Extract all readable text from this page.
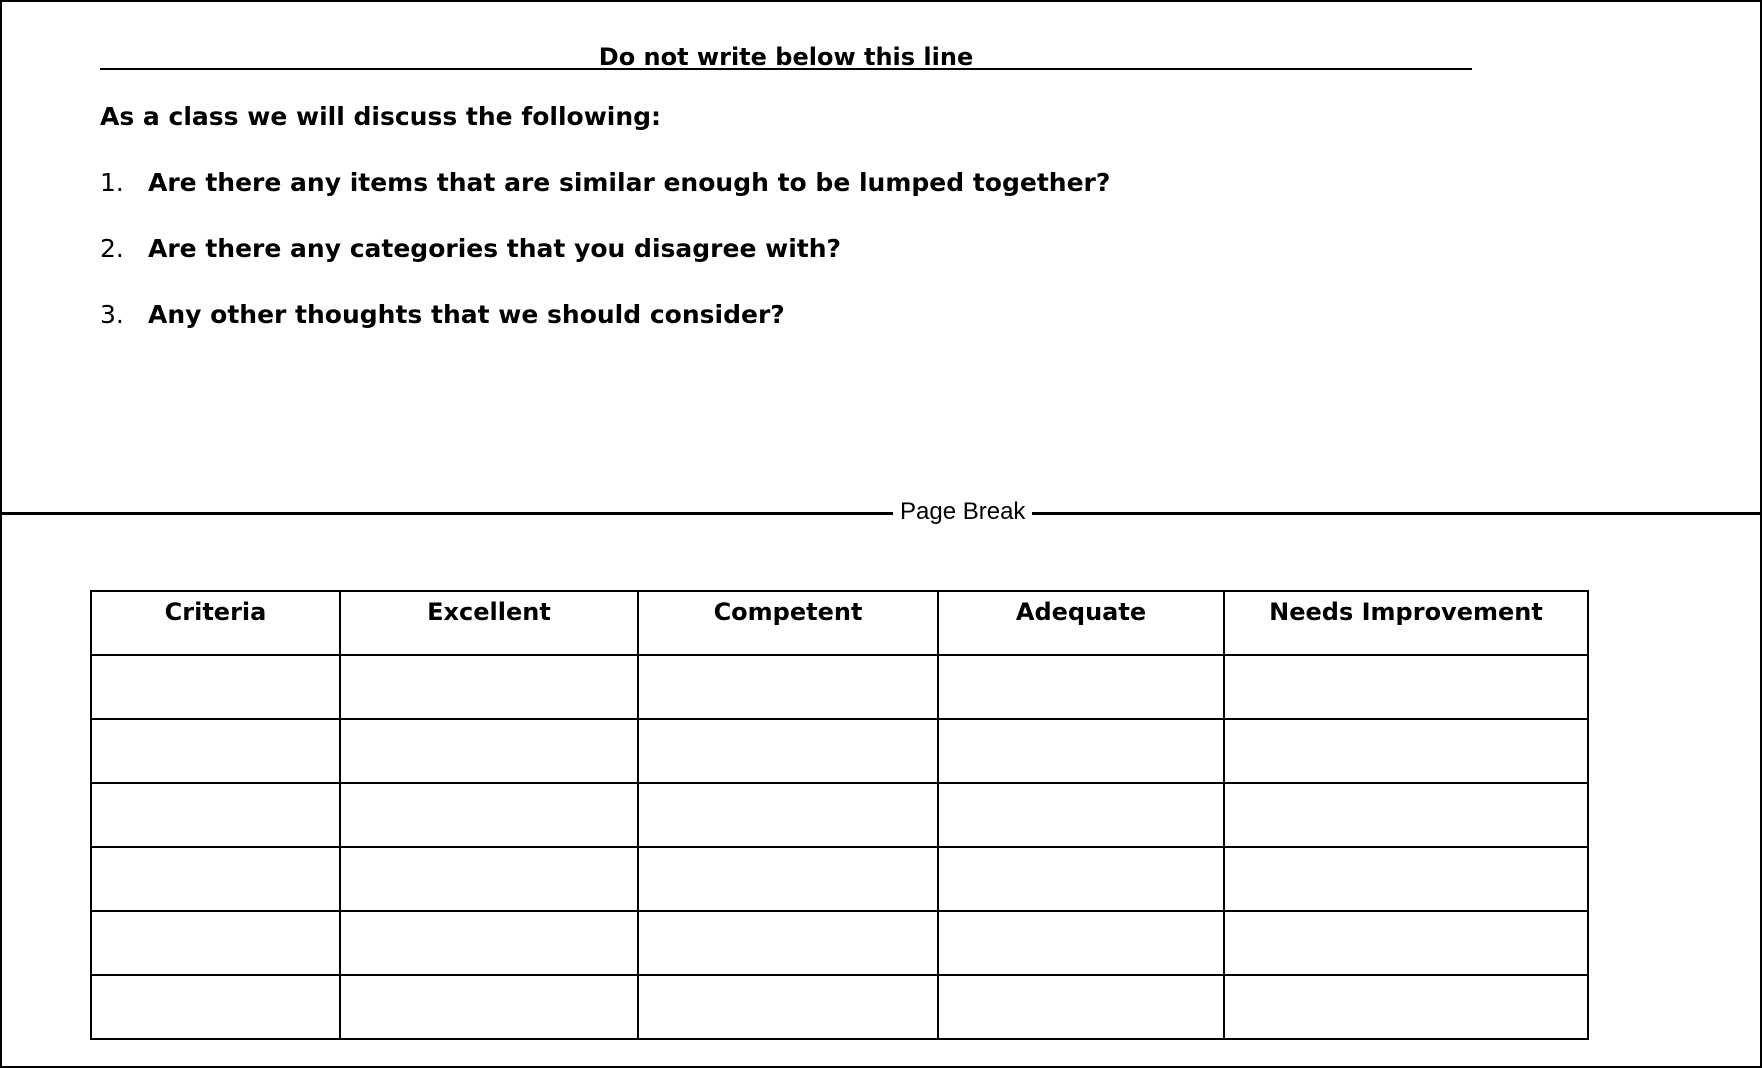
Do not write below this line
As a class we will discuss the following:
1. Are there any items that are similar enough to be lumped together?
2. Are there any categories that you disagree with?
3. Any other thoughts that we should consider?
Page Break
Criteria	Excellent	Competent	Adequate	Needs Improvement
